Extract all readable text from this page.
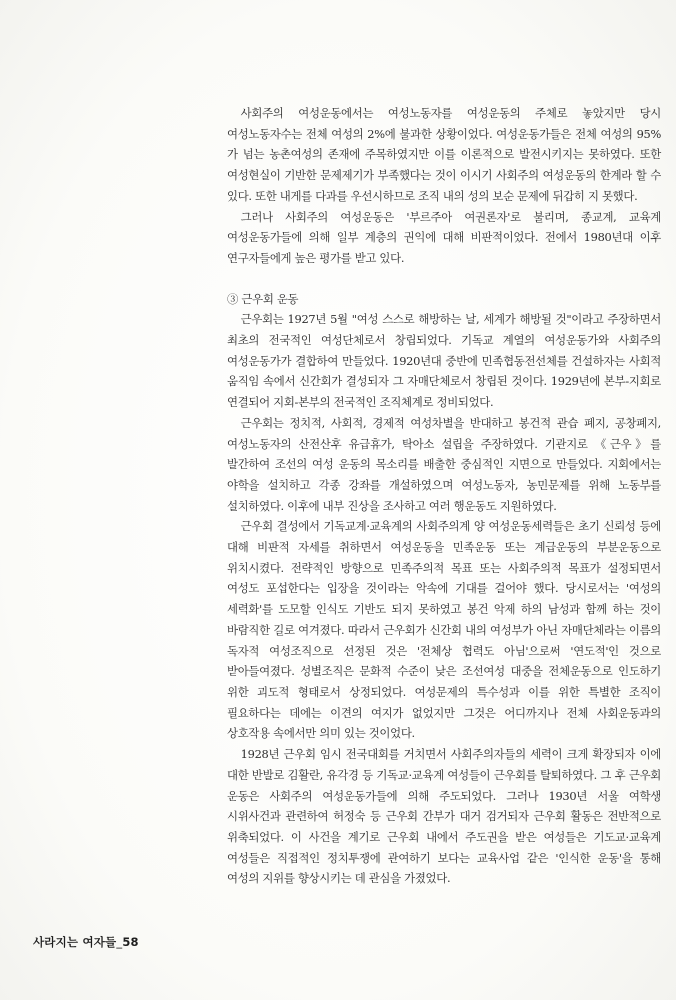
사회주의 여성운동에서는 여성노동자를 여성운동의 주체로 놓았지만 당시 여성노동자수는 전체 여성의 2%에 불과한 상황이었다. 여성운동가들은 전체 여성의 95%가 넘는 농촌여성의 존재에 주목하였지만 이를 이론적으로 발전시키지는 못하였다. 또한 여성현실이 기반한 문제제기가 부족했다는 것이 이시기 사회주의 여성운동의 한계라 할 수 있다. 또한 내게를 다과를 우선시하므로 조직 내의 성의 보순 문제에 뒤갑히 지 못했다.

그러나 사회주의 여성운동은 '부르주아 여권론자'로 불리며, 종교계, 교육계 여성운동가들에 의해 일부 계층의 권익에 대해 비판적이었다. 전에서 1980년대 이후 연구자들에게 높은 평가를 받고 있다.

③ 근우회 운동

근우회는 1927년 5월 "여성 스스로 해방하는 날, 세계가 해방될 것"이라고 주장하면서 최초의 전국적인 여성단체로서 창립되었다. 기독교 계열의 여성운동가와 사회주의 여성운동가가 결합하여 만들었다. 1920년대 중반에 민족협동전선체를 건설하자는 사회적 움직임 속에서 신간회가 결성되자 그 자매단체로서 창립된 것이다. 1929년에 본부-지회로 연결되어 지회-본부의 전국적인 조직체계로 정비되었다.

근우회는 정치적, 사회적, 경제적 여성차별을 반대하고 봉건적 관습 폐지, 공창폐지, 여성노동자의 산전산후 유급휴가, 탁아소 설립을 주장하였다. 기관지로 《근우》를 발간하여 조선의 여성 운동의 목소리를 배출한 중심적인 지면으로 만들었다. 지회에서는 야학을 설치하고 각종 강좌를 개설하였으며 여성노동자, 농민문제를 위해 노동부를 설치하였다. 이후에 내부 진상을 조사하고 여러 행운동도 지원하였다.

근우회 결성에서 기독교계·교육계의 사회주의계 양 여성운동세력들은 초기 신뢰성 등에 대해 비판적 자세를 취하면서 여성운동을 민족운동 또는 계급운동의 부분운동으로 위치시켰다. 전략적인 방향으로 민족주의적 목표 또는 사회주의적 목표가 설정되면서 여성도 포섭한다는 입장을 것이라는 악속에 기대를 걸어야 했다. 당시로서는 '여성의 세력화'를 도모할 인식도 기반도 되지 못하였고 봉건 악제 하의 남성과 함께 하는 것이 바람직한 길로 여겨졌다. 따라서 근우회가 신간회 내의 여성부가 아닌 자매단체라는 이름의 독자적 여성조직으로 선정된 것은 '전체상 협력도 아님'으로써 '연도적'인 것으로 받아들여졌다. 성별조직은 문화적 수준이 낮은 조선여성 대중을 전체운동으로 인도하기 위한 괴도적 형태로서 상정되었다. 여성문제의 특수성과 이를 위한 특별한 조직이 필요하다는 데에는 이견의 여지가 없었지만 그것은 어디까지나 전체 사회운동과의 상호작용 속에서만 의미 있는 것이었다.

1928년 근우회 임시 전국대회를 거치면서 사회주의자들의 세력이 크게 확장되자 이에 대한 반발로 김활란, 유각경 등 기독교·교육계 여성들이 근우회를 탈퇴하였다. 그 후 근우회 운동은 사회주의 여성운동가들에 의해 주도되었다. 그러나 1930년 서울 여학생 시위사건과 관련하여 허정숙 등 근우회 간부가 대거 검거되자 근우회 활동은 전반적으로 위축되었다. 이 사건을 계기로 근우회 내에서 주도권을 받은 여성들은 기도교·교육계 여성들은 직접적인 정치투쟁에 관여하기 보다는 교육사업 같은 '인식한 운동'을 통해 여성의 지위를 향상시키는 데 관심을 가졌었다.

사라지는 여자들_58
